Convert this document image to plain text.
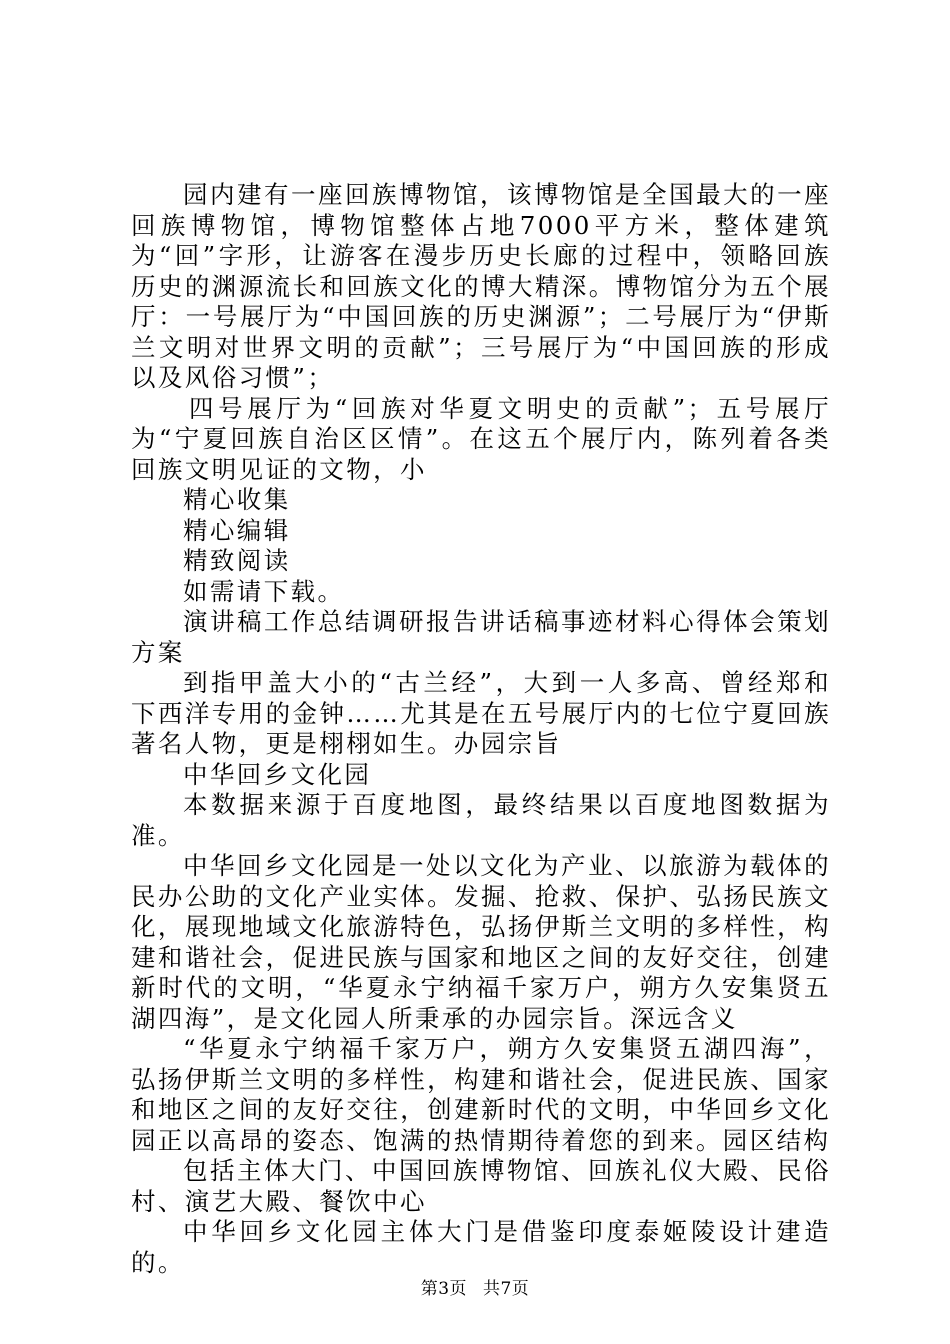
园内建有一座回族博物馆，该博物馆是全国最大的一座回族博物馆，博物馆整体占地7000平方米，整体建筑为“回”字形，让游客在漫步历史长廊的过程中，领略回族历史的渊源流长和回族文化的博大精深。博物馆分为五个展厅：一号展厅为“中国回族的历史渊源”；二号展厅为“伊斯兰文明对世界文明的贡献”；三号展厅为“中国回族的形成以及风俗习惯”；

四号展厅为“回族对华夏文明史的贡献”；五号展厅为“宁夏回族自治区区情”。在这五个展厅内，陈列着各类回族文明见证的文物，小

精心收集

精心编辑

精致阅读

如需请下载。

演讲稿工作总结调研报告讲话稿事迹材料心得体会策划方案

到指甲盖大小的“古兰经”，大到一人多高、曾经郑和下西洋专用的金钟……尤其是在五号展厅内的七位宁夏回族著名人物，更是栩栩如生。办园宗旨

中华回乡文化园

本数据来源于百度地图，最终结果以百度地图数据为准。

中华回乡文化园是一处以文化为产业、以旅游为载体的民办公助的文化产业实体。发掘、抢救、保护、弘扬民族文化，展现地域文化旅游特色，弘扬伊斯兰文明的多样性，构建和谐社会，促进民族与国家和地区之间的友好交往，创建新时代的文明，“华夏永宁纳福千家万户，朔方久安集贤五湖四海”，是文化园人所秉承的办园宗旨。深远含义

“华夏永宁纳福千家万户，朔方久安集贤五湖四海”，弘扬伊斯兰文明的多样性，构建和谐社会，促进民族、国家和地区之间的友好交往，创建新时代的文明，中华回乡文化园正以高昂的姿态、饱满的热情期待着您的到来。园区结构

包括主体大门、中国回族博物馆、回族礼仪大殿、民俗村、演艺大殿、餐饮中心

中华回乡文化园主体大门是借鉴印度泰姬陵设计建造的。

第3页 共7页
